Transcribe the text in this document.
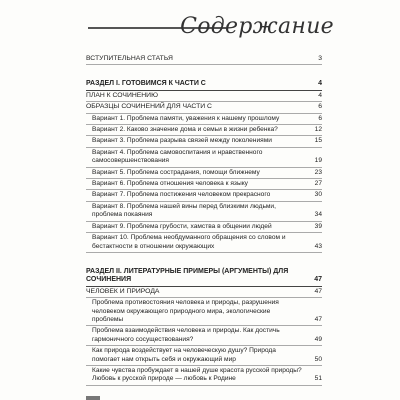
Содержание
ВСТУПИТЕЛЬНАЯ СТАТЬЯ	3
РАЗДЕЛ I. ГОТОВИМСЯ К ЧАСТИ С	4
ПЛАН К СОЧИНЕНИЮ	4
ОБРАЗЦЫ СОЧИНЕНИЙ ДЛЯ ЧАСТИ С	6
Вариант 1. Проблема памяти, уважения к нашему прошлому	6
Вариант 2. Каково значение дома и семьи в жизни ребенка?	12
Вариант 3. Проблема разрыва связей между поколениями	15
Вариант 4. Проблема самовоспитания и нравственного самосовершенствования	19
Вариант 5. Проблема сострадания, помощи ближнему	23
Вариант 6. Проблема отношения человека к языку	27
Вариант 7. Проблема постижения человеком прекрасного	30
Вариант 8. Проблема нашей вины перед близкими людьми, проблема покаяния	34
Вариант 9. Проблема грубости, хамства в общении людей	39
Вариант 10. Проблема необдуманного обращения со словом и бестактности в отношении окружающих	43
РАЗДЕЛ II. ЛИТЕРАТУРНЫЕ ПРИМЕРЫ (АРГУМЕНТЫ) ДЛЯ СОЧИНЕНИЯ	47
ЧЕЛОВЕК И ПРИРОДА	47
Проблема противостояния человека и природы, разрушения человеком окружающего природного мира, экологические проблемы	47
Проблема взаимодействия человека и природы. Как достичь гармоничного сосуществования?	49
Как природа воздействует на человеческую душу? Природа помогает нам открыть себя и окружающий мир	50
Какие чувства пробуждает в нашей душе красота русской природы? Любовь к русской природе — любовь к Родине	51
